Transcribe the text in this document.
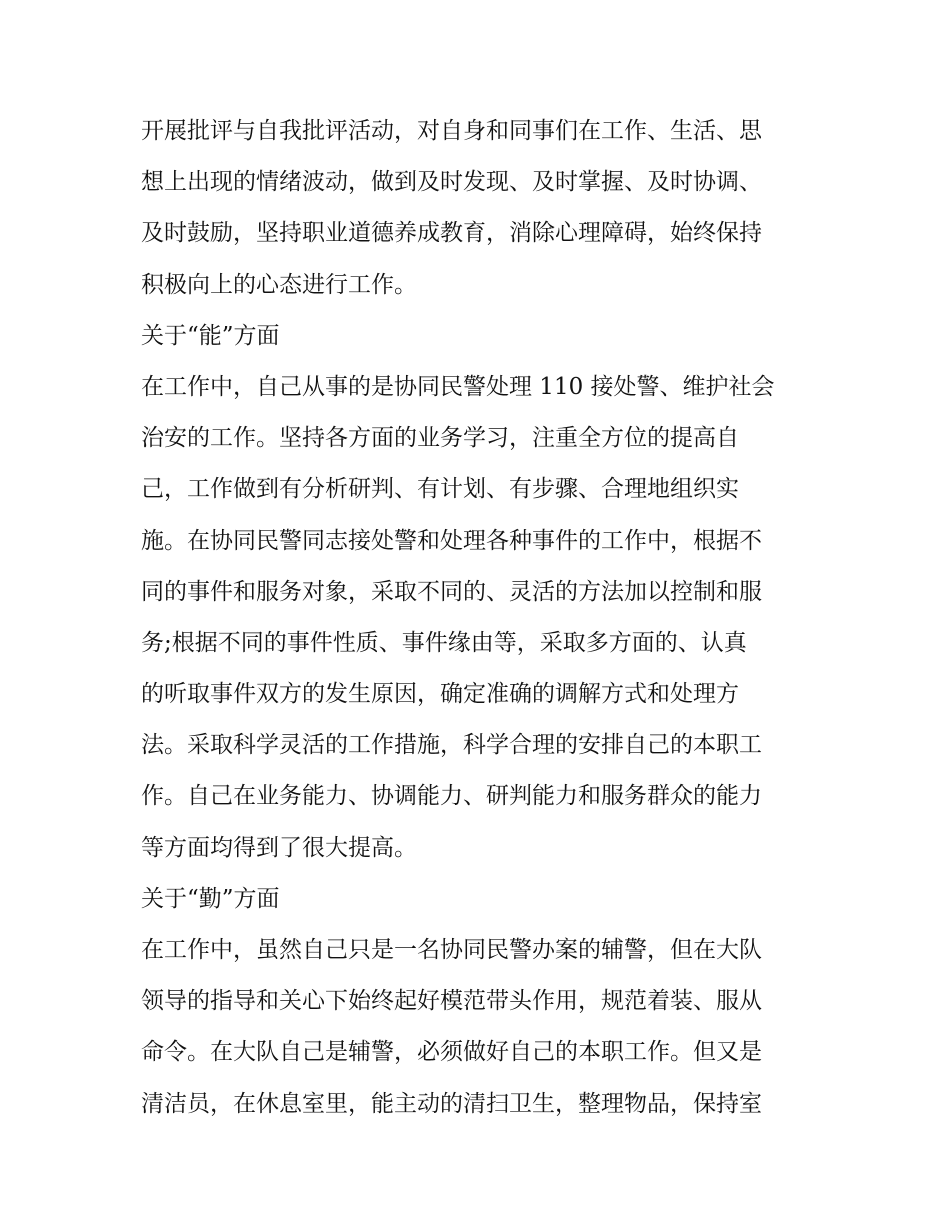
开展批评与自我批评活动，对自身和同事们在工作、生活、思
想上出现的情绪波动，做到及时发现、及时掌握、及时协调、
及时鼓励，坚持职业道德养成教育，消除心理障碍，始终保持
积极向上的心态进行工作。
关于“能”方面
在工作中，自己从事的是协同民警处理 110 接处警、维护社会
治安的工作。坚持各方面的业务学习，注重全方位的提高自
己，工作做到有分析研判、有计划、有步骤、合理地组织实
施。在协同民警同志接处警和处理各种事件的工作中，根据不
同的事件和服务对象，采取不同的、灵活的方法加以控制和服
务;根据不同的事件性质、事件缘由等，采取多方面的、认真
的听取事件双方的发生原因，确定准确的调解方式和处理方
法。采取科学灵活的工作措施，科学合理的安排自己的本职工
作。自己在业务能力、协调能力、研判能力和服务群众的能力
等方面均得到了很大提高。
关于“勤”方面
在工作中，虽然自己只是一名协同民警办案的辅警，但在大队
领导的指导和关心下始终起好模范带头作用，规范着装、服从
命令。在大队自己是辅警，必须做好自己的本职工作。但又是
清洁员，在休息室里，能主动的清扫卫生，整理物品，保持室
